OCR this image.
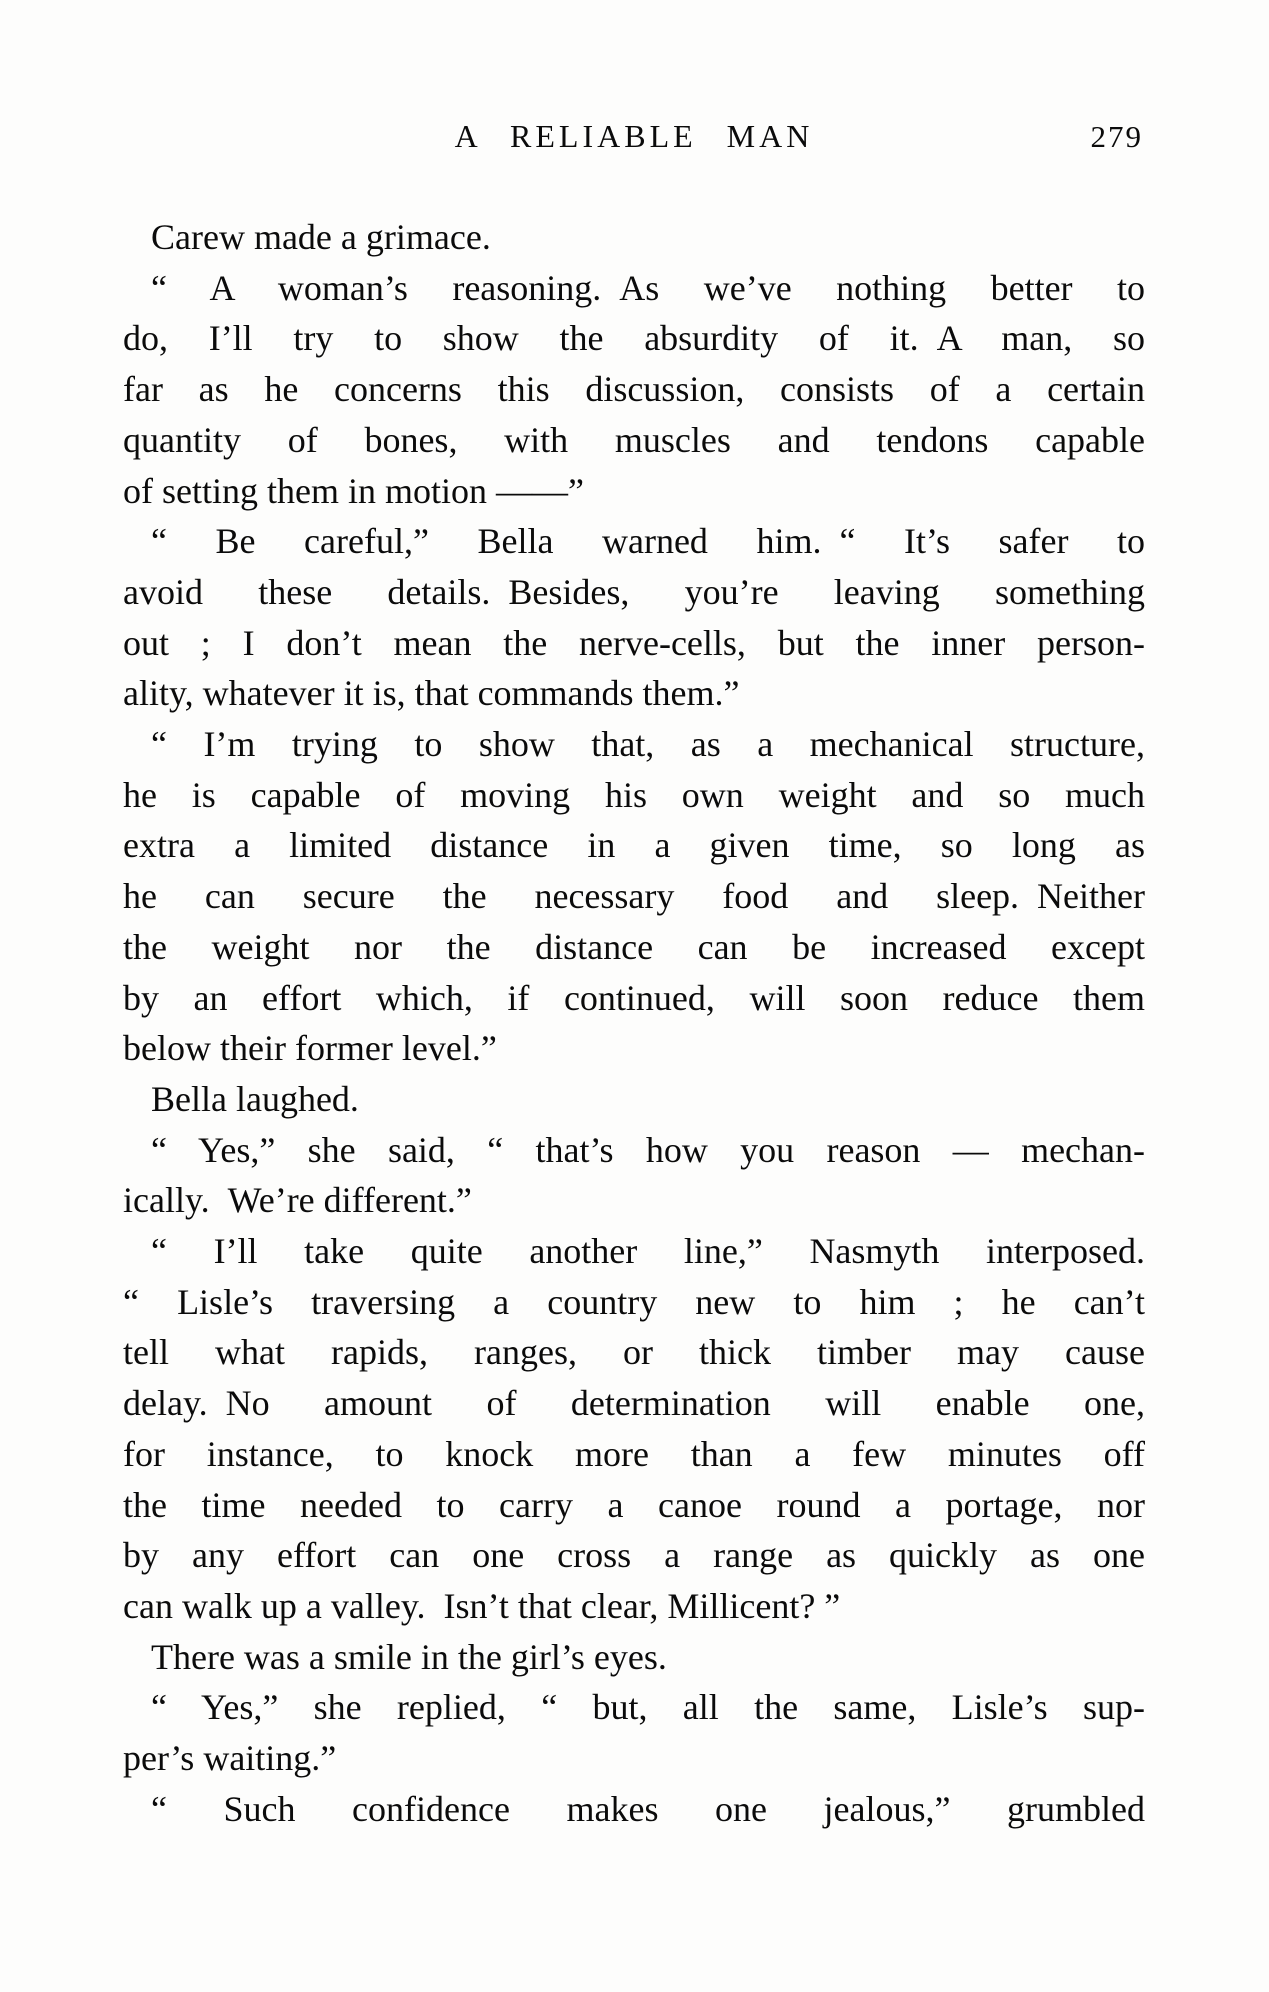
A RELIABLE MAN	279
Carew made a grimace.
“ A woman’s reasoning. As we’ve nothing better to
do, I’ll try to show the absurdity of it. A man, so
far as he concerns this discussion, consists of a certain
quantity of bones, with muscles and tendons capable
of setting them in motion ——”
“ Be careful,” Bella warned him. “ It’s safer to
avoid these details. Besides, you’re leaving something
out ; I don’t mean the nerve-cells, but the inner person-
ality, whatever it is, that commands them.”
“ I’m trying to show that, as a mechanical structure,
he is capable of moving his own weight and so much
extra a limited distance in a given time, so long as
he can secure the necessary food and sleep. Neither
the weight nor the distance can be increased except
by an effort which, if continued, will soon reduce them
below their former level.”
Bella laughed.
“ Yes,” she said, “ that’s how you reason — mechan-
ically. We’re different.”
“ I’ll take quite another line,” Nasmyth interposed.
“ Lisle’s traversing a country new to him ; he can’t
tell what rapids, ranges, or thick timber may cause
delay. No amount of determination will enable one,
for instance, to knock more than a few minutes off
the time needed to carry a canoe round a portage, nor
by any effort can one cross a range as quickly as one
can walk up a valley. Isn’t that clear, Millicent? ”
There was a smile in the girl’s eyes.
“ Yes,” she replied, “ but, all the same, Lisle’s sup-
per’s waiting.”
“ Such confidence makes one jealous,” grumbled
